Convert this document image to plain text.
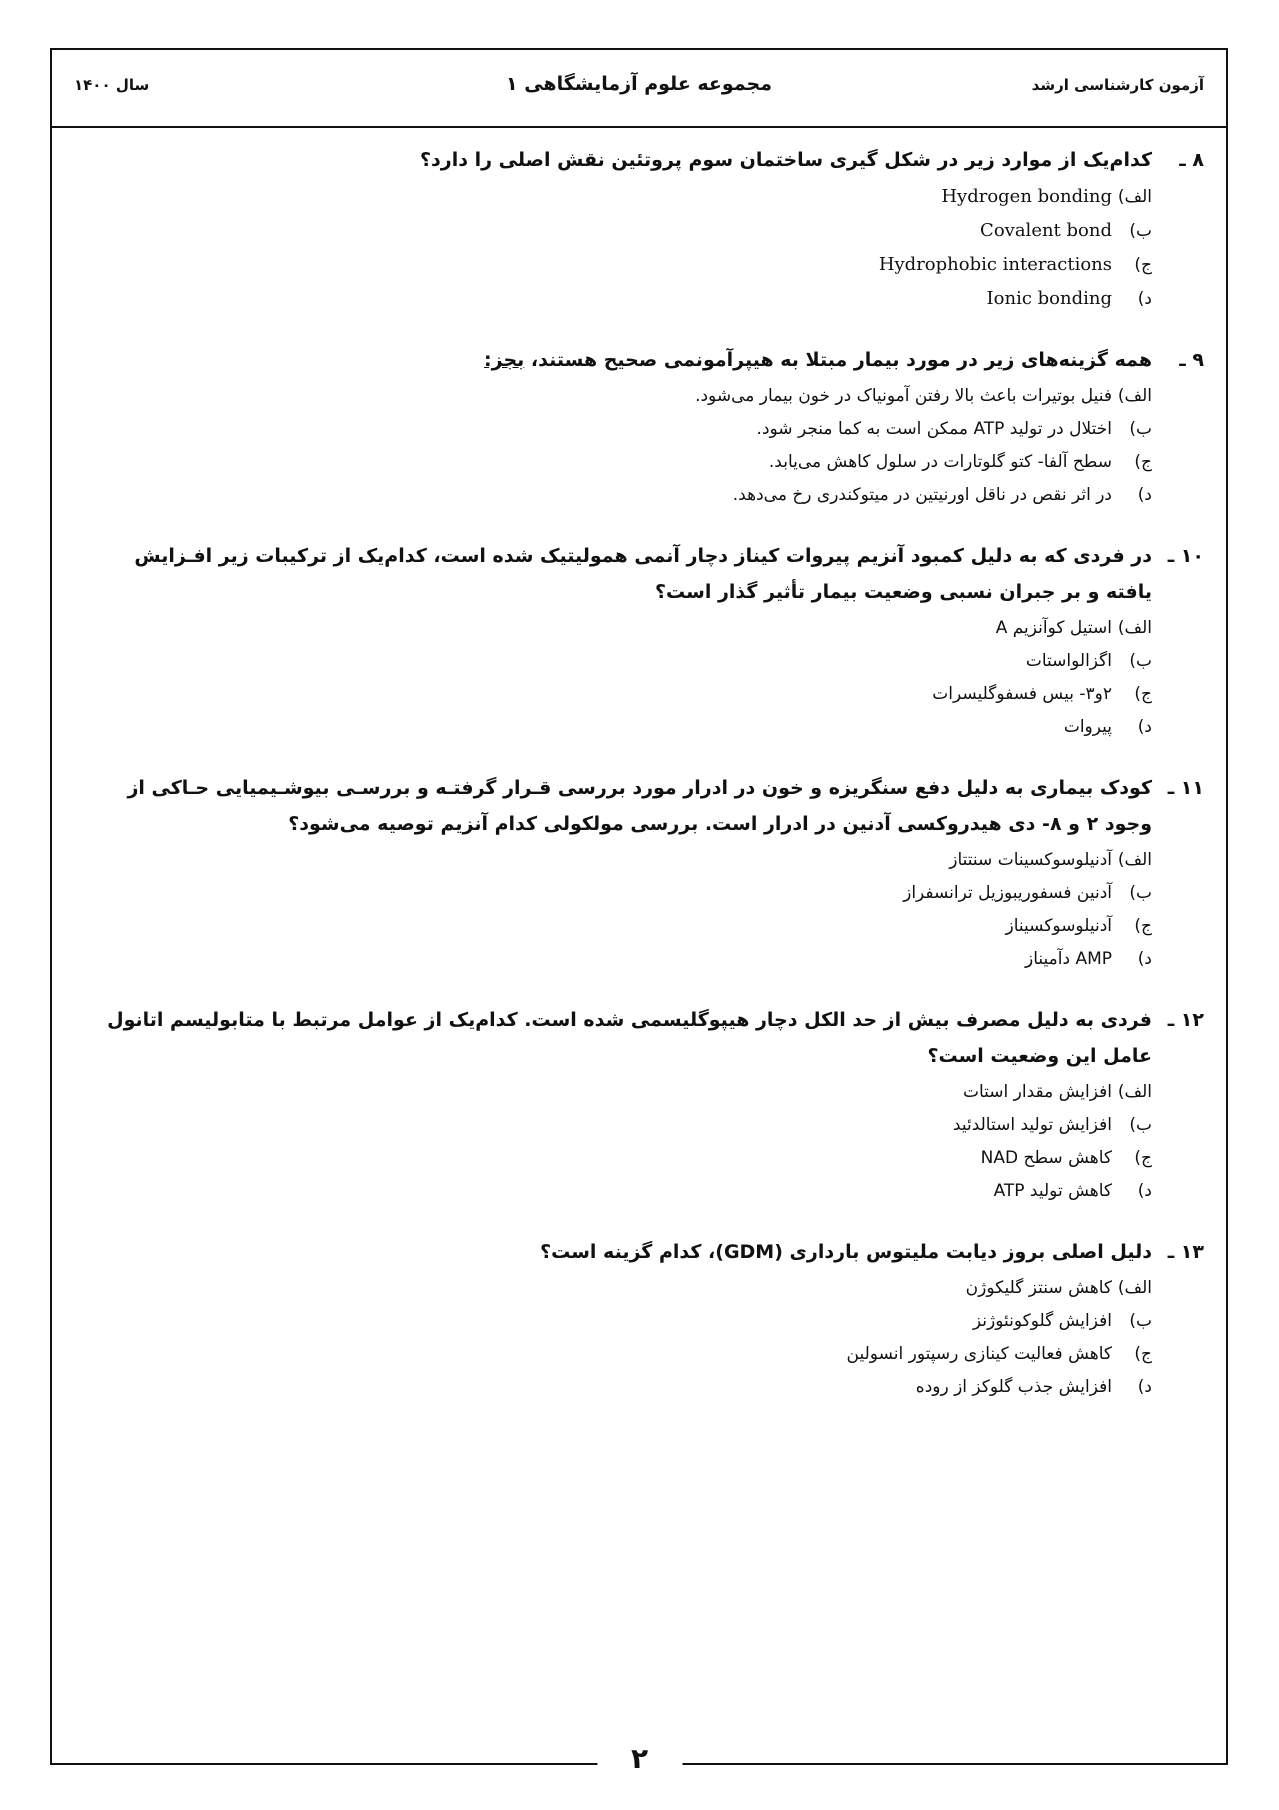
آزمون کارشناسی ارشد
مجموعه علوم آزمایشگاهی ۱
سال ۱۴۰۰
۸ ـ
کدام‌یک از موارد زیر در شکل گیری ساختمان سوم پروتئین نقش اصلی را دارد؟
الف)
Hydrogen bonding
ب)
Covalent bond
ج)
Hydrophobic interactions
د)
Ionic bonding
۹ ـ
همه گزینه‌های زیر در مورد بیمار مبتلا به هیپرآمونمی صحیح هستند، بجز:
الف)
فنیل بوتیرات باعث بالا رفتن آمونیاک در خون بیمار می‌شود.
ب)
اختلال در تولید ATP ممکن است به کما منجر شود.
ج)
سطح آلفا- کتو گلوتارات در سلول کاهش می‌یابد.
د)
در اثر نقص در ناقل اورنیتین در میتوکندری رخ می‌دهد.
۱۰ ـ
در فردی که به دلیل کمبود آنزیم پیروات کیناز دچار آنمی همولیتیک شده است، کدام‌یک از ترکیبات زیر افـزایش یافته و بر جبران نسبی وضعیت بیمار تأثیر گذار است؟
الف)
استیل کوآنزیم A
ب)
اگزالواستات
ج)
۲و۳- بیس فسفوگلیسرات
د)
پیروات
۱۱ ـ
کودک بیماری به دلیل دفع سنگریزه و خون در ادرار مورد بررسی قـرار گرفتـه و بررسـی بیوشـیمیایی حـاکی از وجود ۲ و ۸- دی هیدروکسی آدنین در ادرار است. بررسی مولکولی کدام آنزیم توصیه می‌شود؟
الف)
آدنیلوسوکسینات سنتتاز
ب)
آدنین فسفوریبوزیل ترانسفراز
ج)
آدنیلوسوکسیناز
د)
AMP دآمیناز
۱۲ ـ
فردی به دلیل مصرف بیش از حد الکل دچار هیپوگلیسمی شده است. کدام‌یک از عوامل مرتبط با متابولیسم اتانول عامل این وضعیت است؟
الف)
افزایش مقدار استات
ب)
افزایش تولید استالدئید
ج)
کاهش سطح NAD
د)
کاهش تولید ATP
۱۳ ـ
دلیل اصلی بروز دیابت ملیتوس بارداری (GDM)، کدام گزینه است؟
الف)
کاهش سنتز گلیکوژن
ب)
افزایش گلوکونئوژنز
ج)
کاهش فعالیت کینازی رسپتور انسولین
د)
افزایش جذب گلوکز از روده
۲
